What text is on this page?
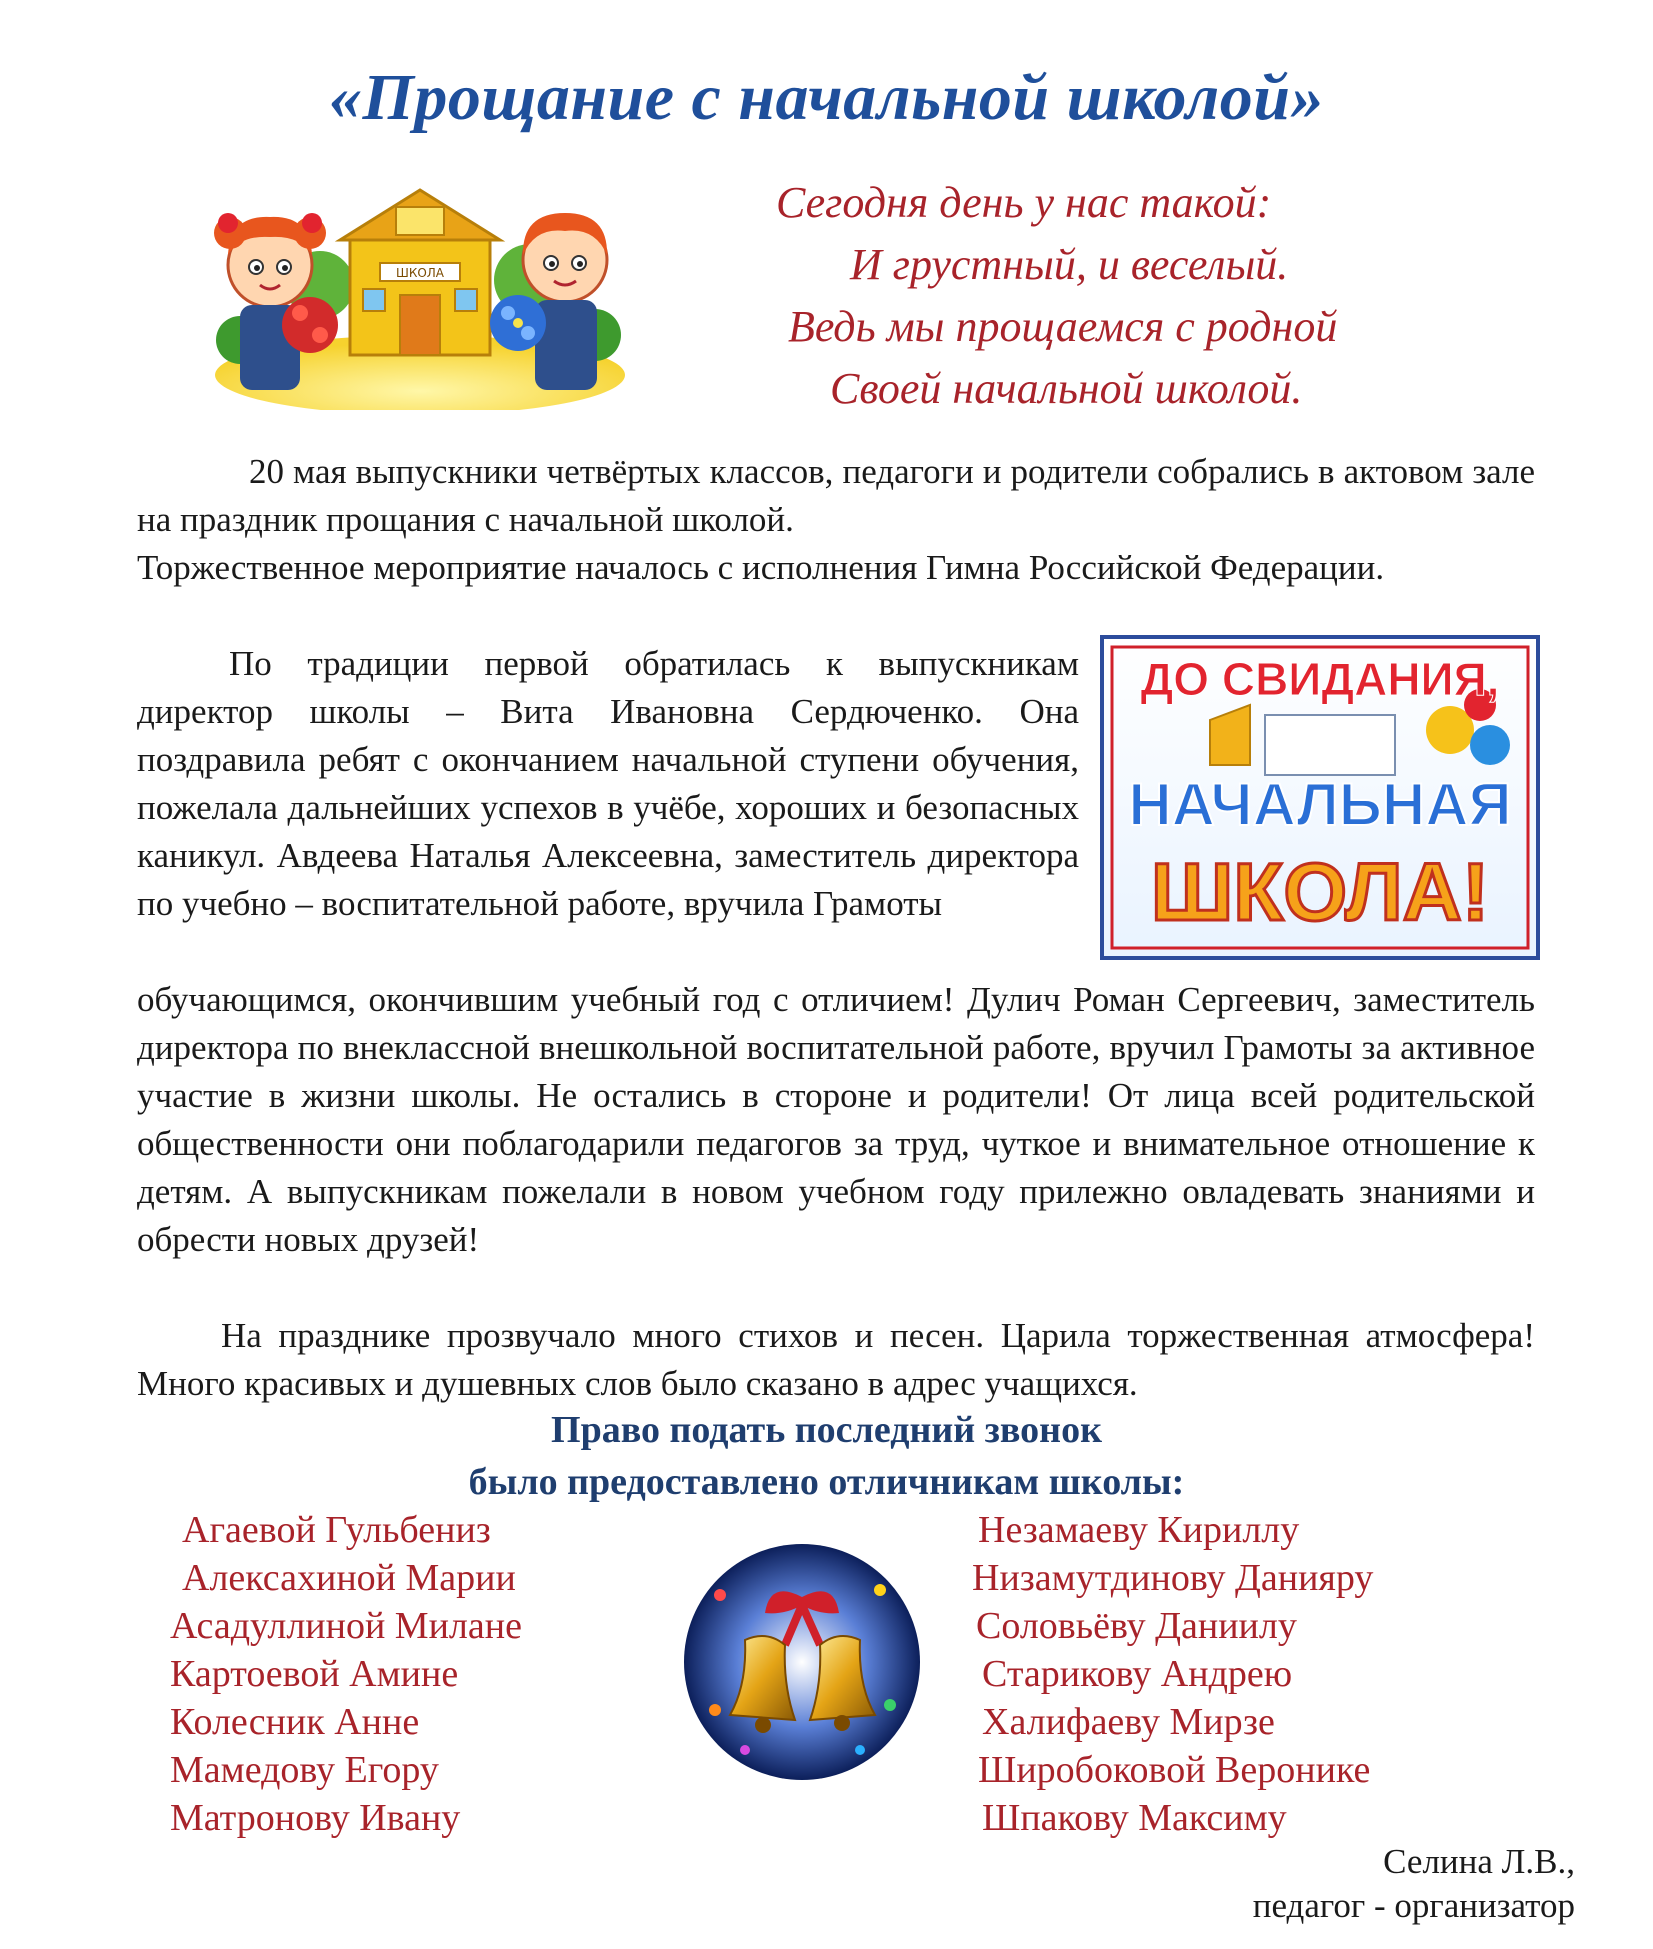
«Прощание с начальной школой»
ШКОЛА
Сегодня день у нас такой:
И грустный, и веселый.
Ведь мы прощаемся с родной
Своей начальной школой.

20 мая выпускники четвёртых классов, педагоги и родители собрались в актовом зале на праздник прощания с начальной школой.

Торжественное мероприятие началось с исполнения Гимна Российской Федерации.

По традиции первой обратилась к выпускникам директор школы – Вита Ивановна Сердюченко. Она поздравила ребят с окончанием начальной ступени обучения, пожелала дальнейших успехов в учёбе, хороших и безопасных каникул. Авдеева Наталья Алексеевна, заместитель директора по учебно – воспитательной работе, вручила Грамоты

ДО СВИДАНИЯ,
НАЧАЛЬНАЯ
ШКОЛА!

обучающимся, окончившим учебный год с отличием! Дулич Роман Сергеевич, заместитель директора по внеклассной внешкольной воспитательной работе, вручил Грамоты за активное участие в жизни школы. Не остались в стороне и родители! От лица всей родительской общественности они поблагодарили педагогов за труд, чуткое и внимательное отношение к детям. А выпускникам пожелали в новом учебном году прилежно овладевать знаниями и обрести новых друзей!

На празднике прозвучало много стихов и песен. Царила торжественная атмосфера! Много красивых и душевных слов было сказано в адрес учащихся.

Право подать последний звонок
было предоставлено отличникам школы:
Агаевой Гульбениз
Алексахиной Марии
Асадуллиной Милане
Картоевой Амине
Колесник Анне
Мамедову Егору
Матронову Ивану
Незамаеву Кириллу
Низамутдинову Данияру
Соловьёву Даниилу
Старикову Андрею
Халифаеву Мирзе
Широбоковой Веронике
Шпакову Максиму
Селина Л.В.,
педагог - организатор
